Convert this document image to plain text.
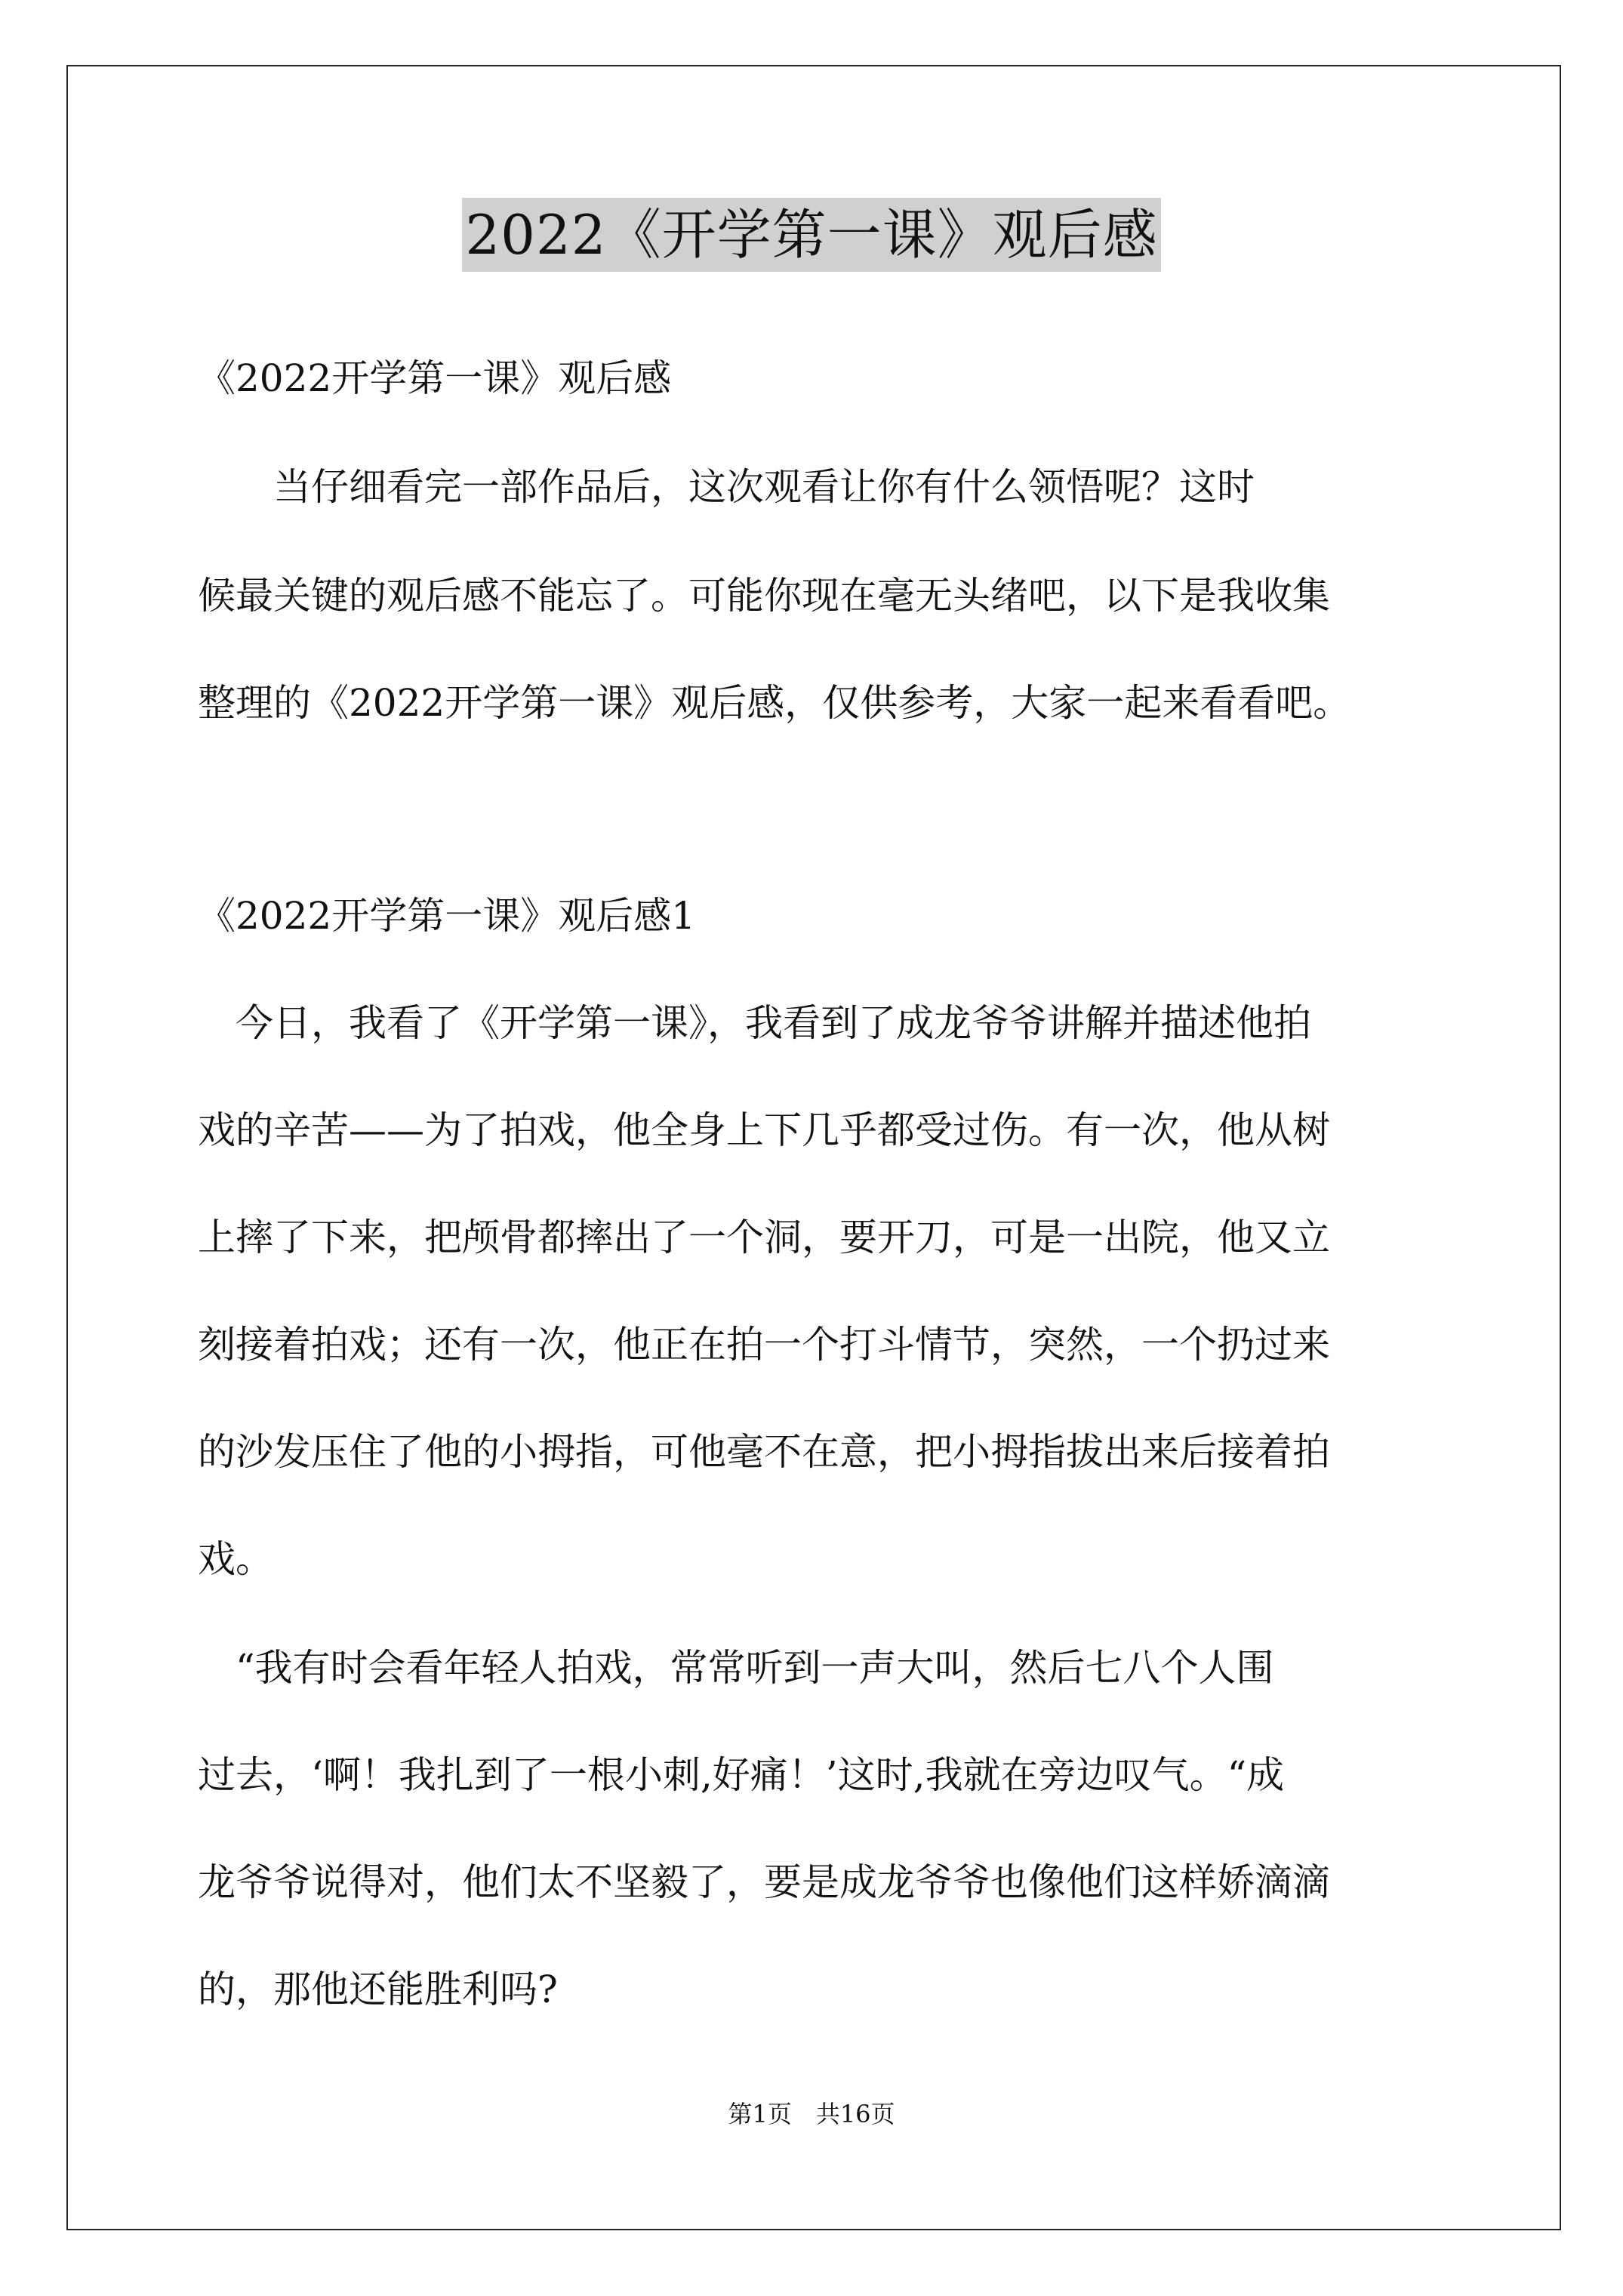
2022《开学第一课》观后感
《2022开学第一课》观后感
　　当仔细看完一部作品后，这次观看让你有什么领悟呢？这时
候最关键的观后感不能忘了。可能你现在毫无头绪吧，以下是我收集
整理的《2022开学第一课》观后感，仅供参考，大家一起来看看吧。
《2022开学第一课》观后感1
　今日，我看了《开学第一课》，我看到了成龙爷爷讲解并描述他拍
戏的辛苦——为了拍戏，他全身上下几乎都受过伤。有一次，他从树
上摔了下来，把颅骨都摔出了一个洞，要开刀，可是一出院，他又立
刻接着拍戏；还有一次，他正在拍一个打斗情节，突然，一个扔过来
的沙发压住了他的小拇指，可他毫不在意，把小拇指拔出来后接着拍
戏。
　“我有时会看年轻人拍戏，常常听到一声大叫，然后七八个人围
过去，‘啊！我扎到了一根小刺,好痛！’这时,我就在旁边叹气。“成
龙爷爷说得对，他们太不坚毅了，要是成龙爷爷也像他们这样娇滴滴
的，那他还能胜利吗?
第1页　共16页
